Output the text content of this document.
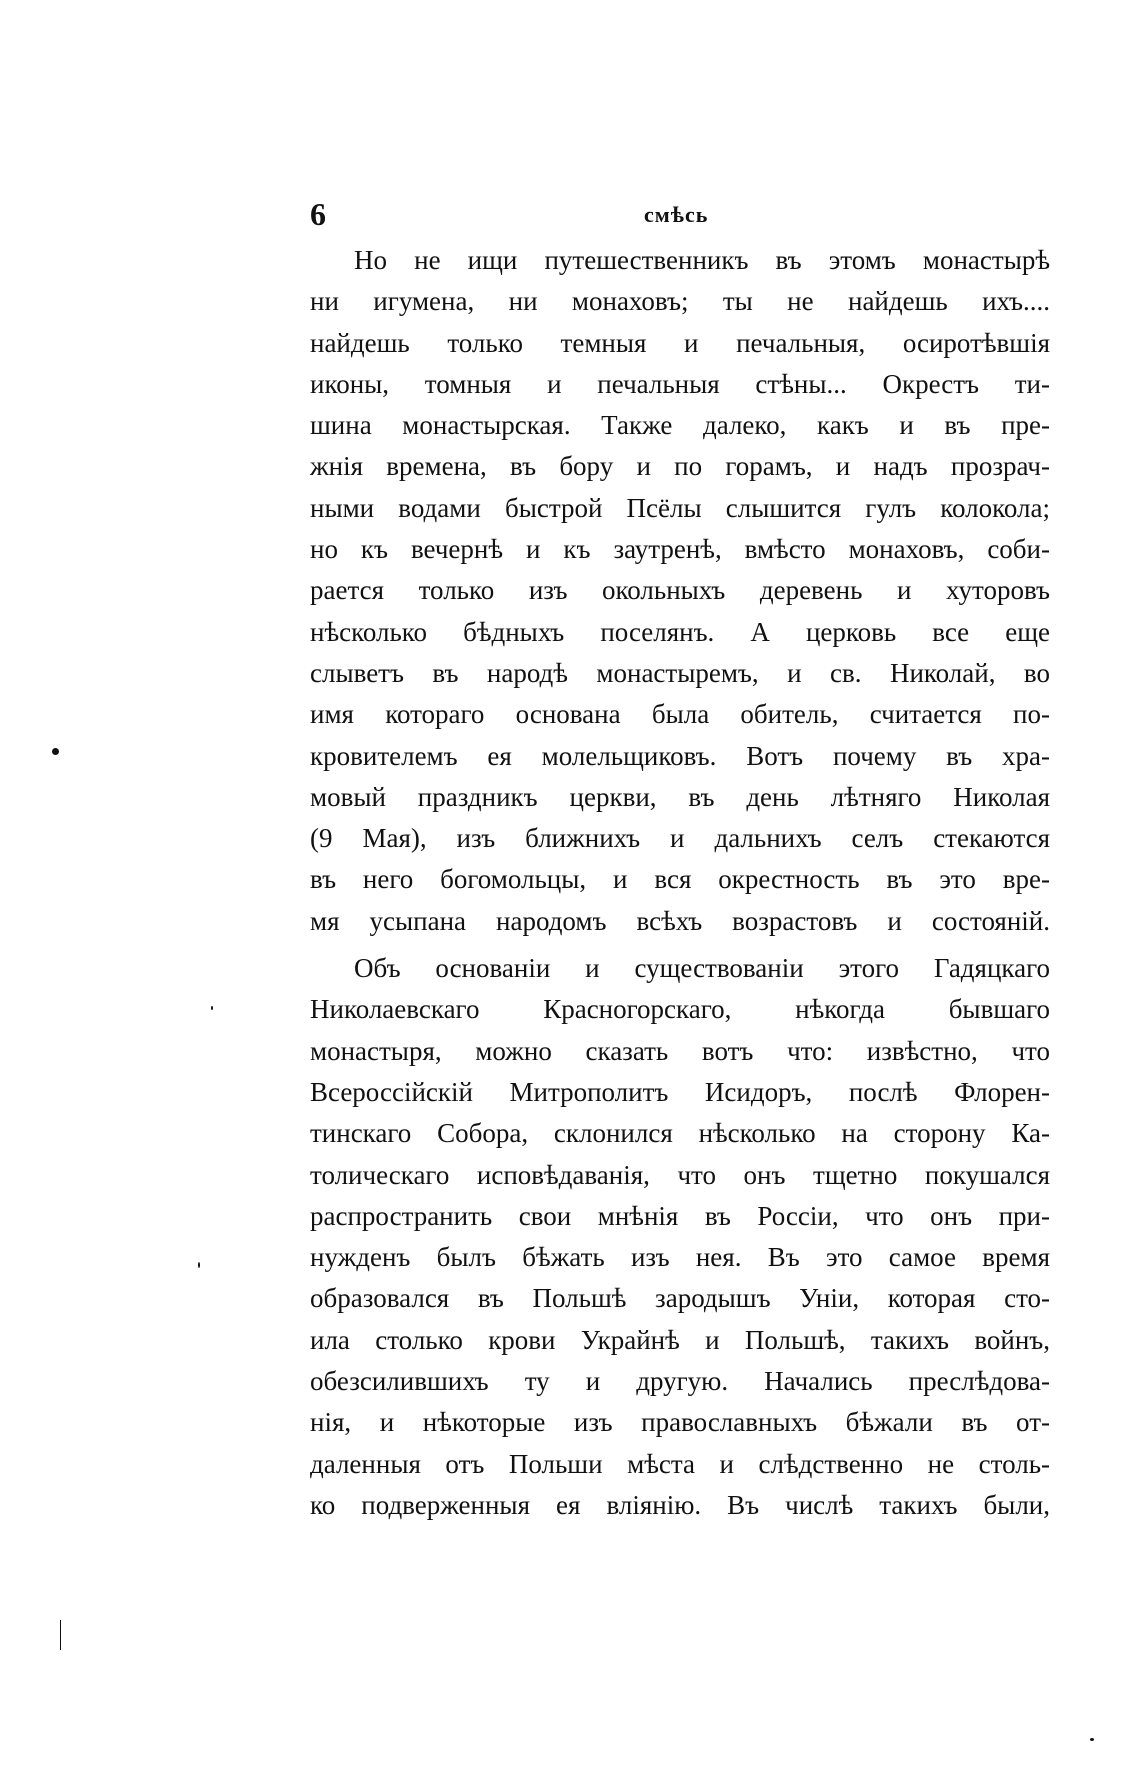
6	смѣсь
Но не ищи путешественникъ въ этомъ монастырѣ
ни игумена, ни монаховъ; ты не найдешь ихъ....
найдешь только темныя и печальныя, осиротѣвшія
иконы, томныя и печальныя стѣны... Окрестъ ти-
шина монастырская. Также далеко, какъ и въ пре-
жнія времена, въ бору и по горамъ, и надъ прозрач-
ными водами быстрой Псёлы слышится гулъ колокола;
но къ вечернѣ и къ заутренѣ, вмѣсто монаховъ, соби-
рается только изъ окольныхъ деревень и хуторовъ
нѣсколько бѣдныхъ поселянъ. А церковь все еще
слыветъ въ народѣ монастыремъ, и св. Николай, во
имя котораго основана была обитель, считается по-
кровителемъ ея молельщиковъ. Вотъ почему въ хра-
мовый праздникъ церкви, въ день лѣтняго Николая
(9 Мая), изъ ближнихъ и дальнихъ селъ стекаются
въ него богомольцы, и вся окрестность въ это вре-
мя усыпана народомъ всѣхъ возрастовъ и состояній.
Объ основаніи и существованіи этого Гадяцкаго
Николаевскаго Красногорскаго, нѣкогда бывшаго
монастыря, можно сказать вотъ что: извѣстно, что
Всероссійскій Митрополитъ Исидоръ, послѣ Флорен-
тинскаго Собора, склонился нѣсколько на сторону Ка-
толическаго исповѣдаванія, что онъ тщетно покушался
распространить свои мнѣнія въ Россіи, что онъ при-
нужденъ былъ бѣжать изъ нея. Въ это самое время
образовался въ Польшѣ зародышъ Уніи, которая сто-
ила столько крови Украйнѣ и Польшѣ, такихъ войнъ,
обезсилившихъ ту и другую. Начались преслѣдова-
нія, и нѣкоторые изъ православныхъ бѣжали въ от-
даленныя отъ Польши мѣста и слѣдственно не столь-
ко подверженныя ея вліянію. Въ числѣ такихъ были,
